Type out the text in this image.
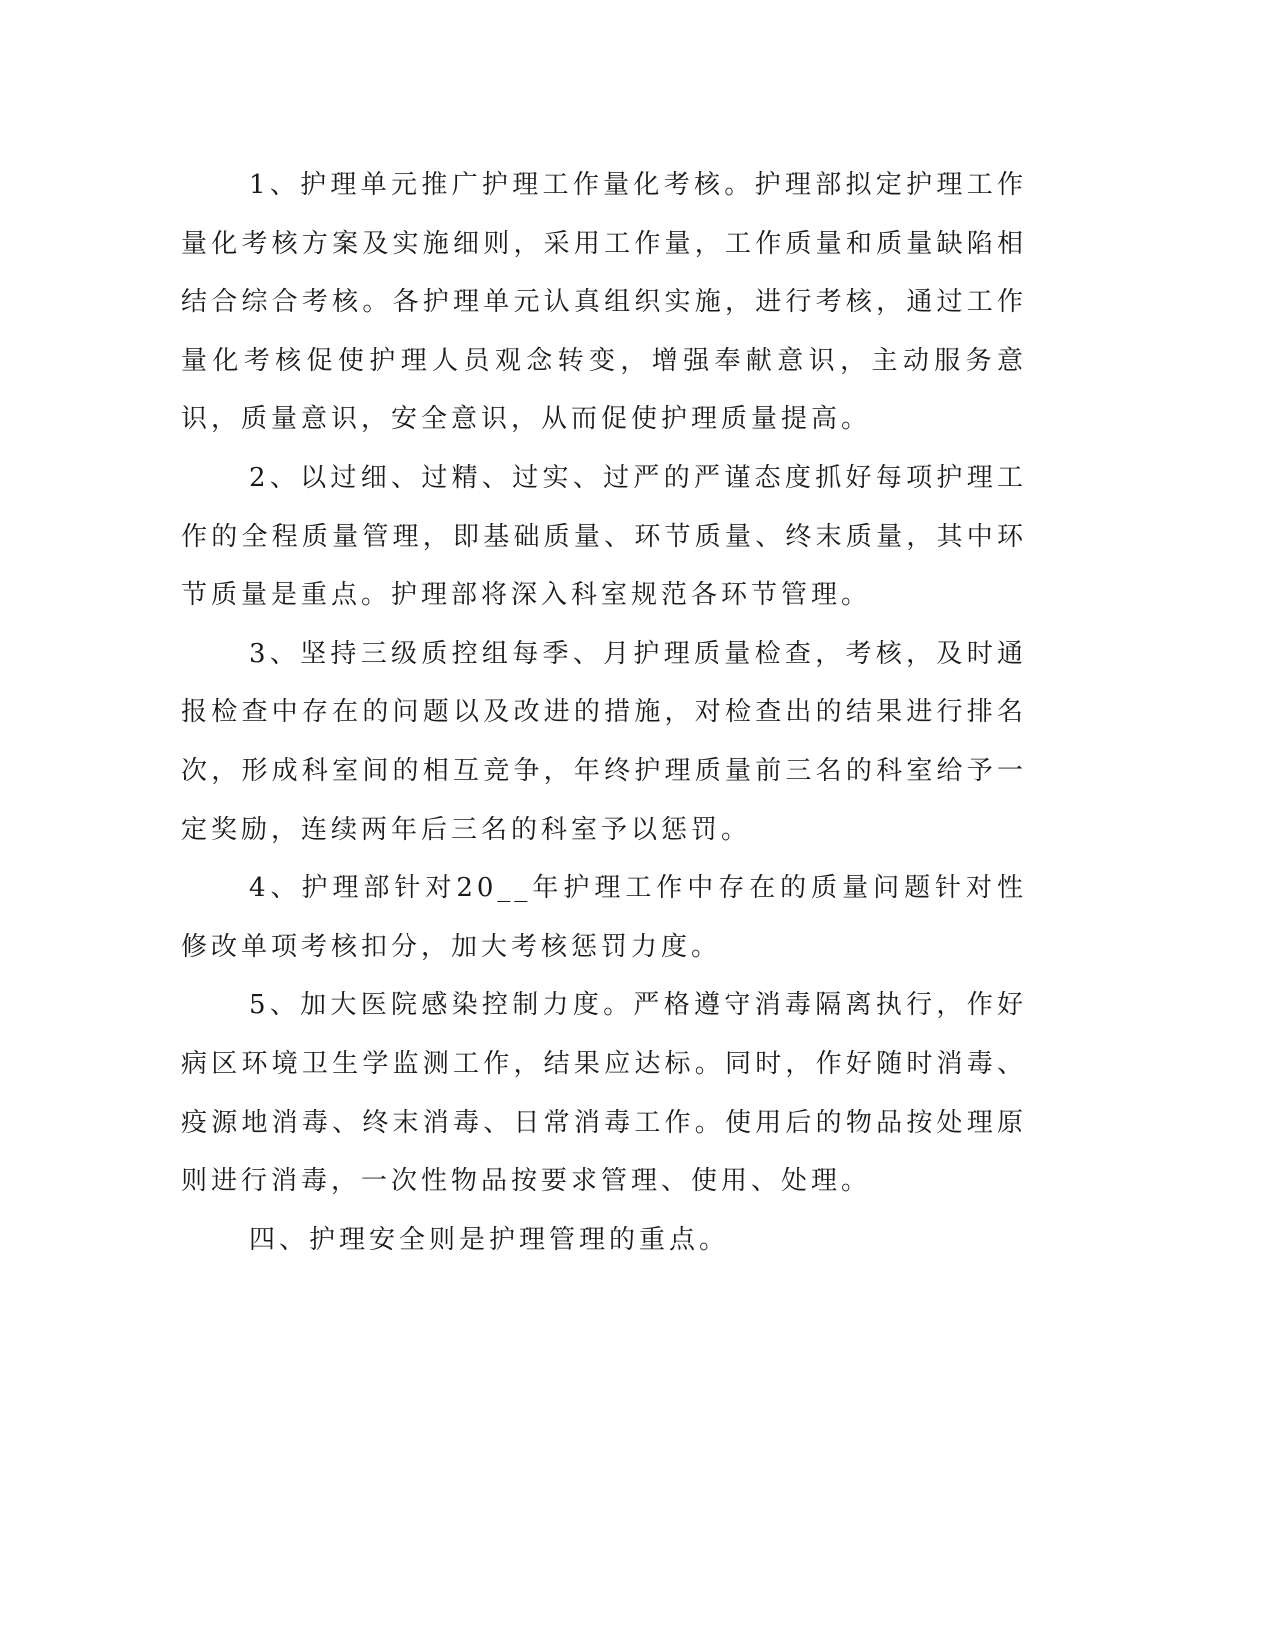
1、护理单元推广护理工作量化考核。护理部拟定护理工作量化考核方案及实施细则，采用工作量，工作质量和质量缺陷相结合综合考核。各护理单元认真组织实施，进行考核，通过工作量化考核促使护理人员观念转变，增强奉献意识，主动服务意识，质量意识，安全意识，从而促使护理质量提高。

2、以过细、过精、过实、过严的严谨态度抓好每项护理工作的全程质量管理，即基础质量、环节质量、终末质量，其中环节质量是重点。护理部将深入科室规范各环节管理。

3、坚持三级质控组每季、月护理质量检查，考核，及时通报检查中存在的问题以及改进的措施，对检查出的结果进行排名次，形成科室间的相互竞争，年终护理质量前三名的科室给予一定奖励，连续两年后三名的科室予以惩罚。

4、护理部针对20__年护理工作中存在的质量问题针对性修改单项考核扣分，加大考核惩罚力度。

5、加大医院感染控制力度。严格遵守消毒隔离执行，作好病区环境卫生学监测工作，结果应达标。同时，作好随时消毒、疫源地消毒、终末消毒、日常消毒工作。使用后的物品按处理原则进行消毒，一次性物品按要求管理、使用、处理。

四、护理安全则是护理管理的重点。
